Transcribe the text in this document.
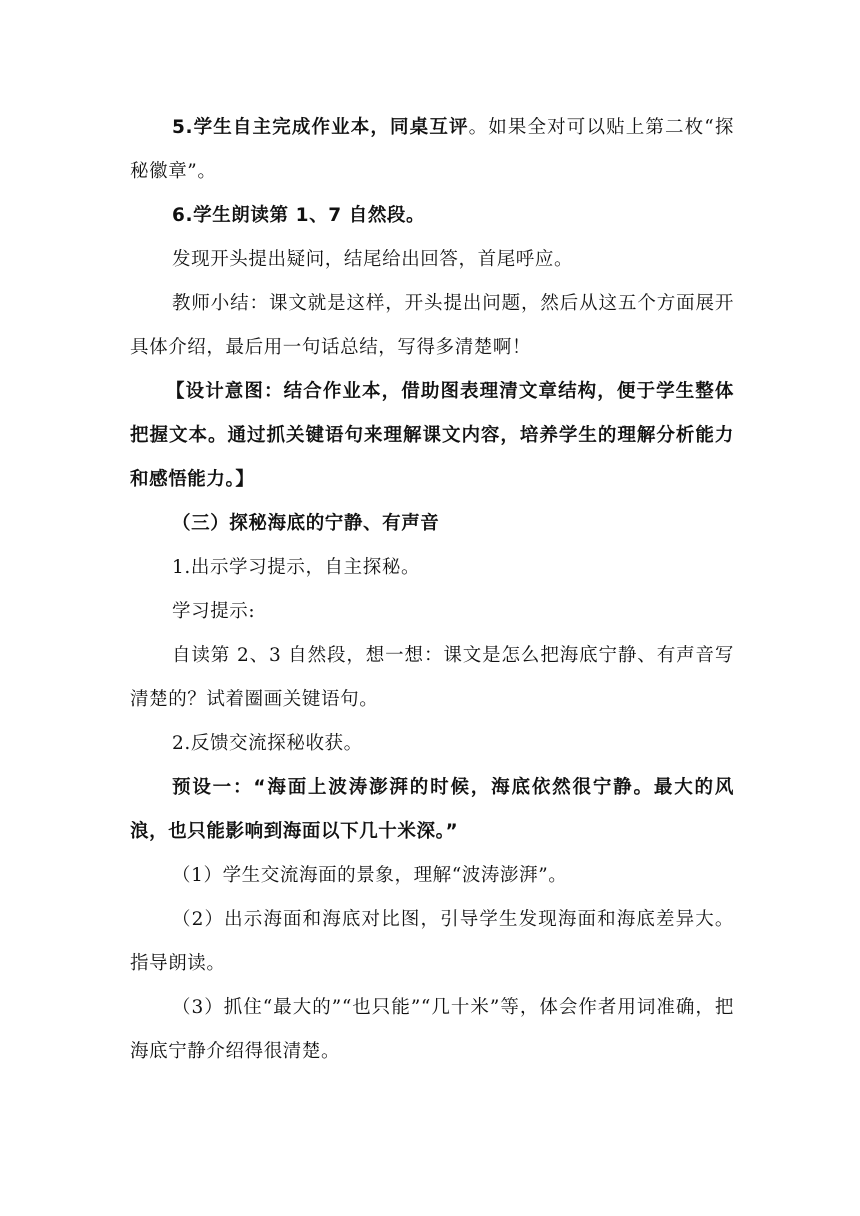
5.学生自主完成作业本，同桌互评。如果全对可以贴上第二枚“探秘徽章”。

6.学生朗读第 1、7 自然段。

发现开头提出疑问，结尾给出回答，首尾呼应。

教师小结：课文就是这样，开头提出问题，然后从这五个方面展开具体介绍，最后用一句话总结，写得多清楚啊！

【设计意图：结合作业本，借助图表理清文章结构，便于学生整体把握文本。通过抓关键语句来理解课文内容，培养学生的理解分析能力和感悟能力。】

（三）探秘海底的宁静、有声音

1.出示学习提示，自主探秘。

学习提示:

自读第 2、3 自然段，想一想：课文是怎么把海底宁静、有声音写清楚的？试着圈画关键语句。

2.反馈交流探秘收获。

预设一：“海面上波涛澎湃的时候，海底依然很宁静。最大的风浪，也只能影响到海面以下几十米深。”

（1）学生交流海面的景象，理解“波涛澎湃”。

（2）出示海面和海底对比图，引导学生发现海面和海底差异大。指导朗读。

（3）抓住“最大的”“也只能”“几十米”等，体会作者用词准确，把海底宁静介绍得很清楚。
